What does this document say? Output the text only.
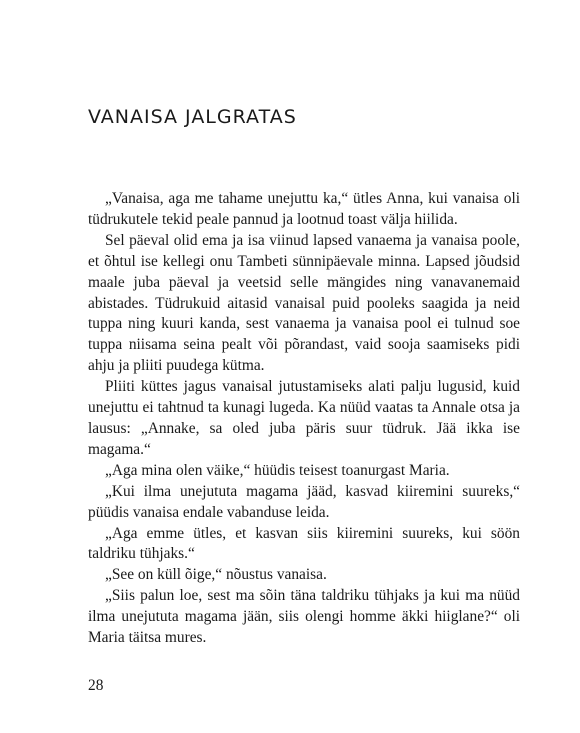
VANAISA JALGRATAS

„Vanaisa, aga me tahame unejuttu ka,“ ütles Anna, kui vanaisa oli tüdrukutele tekid peale pannud ja lootnud toast välja hiilida.

Sel päeval olid ema ja isa viinud lapsed vanaema ja vanaisa poole, et õhtul ise kellegi onu Tambeti sünnipäevale minna. Lapsed jõudsid maale juba päeval ja veetsid selle mängides ning vanavanemaid abistades. Tüdrukuid aitasid vanaisal puid pooleks saagida ja neid tuppa ning kuuri kanda, sest vanaema ja vanaisa pool ei tulnud soe tuppa niisama seina pealt või põrandast, vaid sooja saamiseks pidi ahju ja pliiti puudega kütma.

Pliiti küttes jagus vanaisal jutustamiseks alati palju lugusid, kuid unejuttu ei tahtnud ta kunagi lugeda. Ka nüüd vaatas ta Annale otsa ja lausus: „Annake, sa oled juba päris suur tüdruk. Jää ikka ise magama.“

„Aga mina olen väike,“ hüüdis teisest toanurgast Maria.

„Kui ilma unejututa magama jääd, kasvad kiiremini suureks,“ püüdis vanaisa endale vabanduse leida.

„Aga emme ütles, et kasvan siis kiiremini suureks, kui söön taldriku tühjaks.“

„See on küll õige,“ nõustus vanaisa.

„Siis palun loe, sest ma sõin täna taldriku tühjaks ja kui ma nüüd ilma unejututa magama jään, siis olengi homme äkki hiiglane?“ oli Maria täitsa mures.

28
